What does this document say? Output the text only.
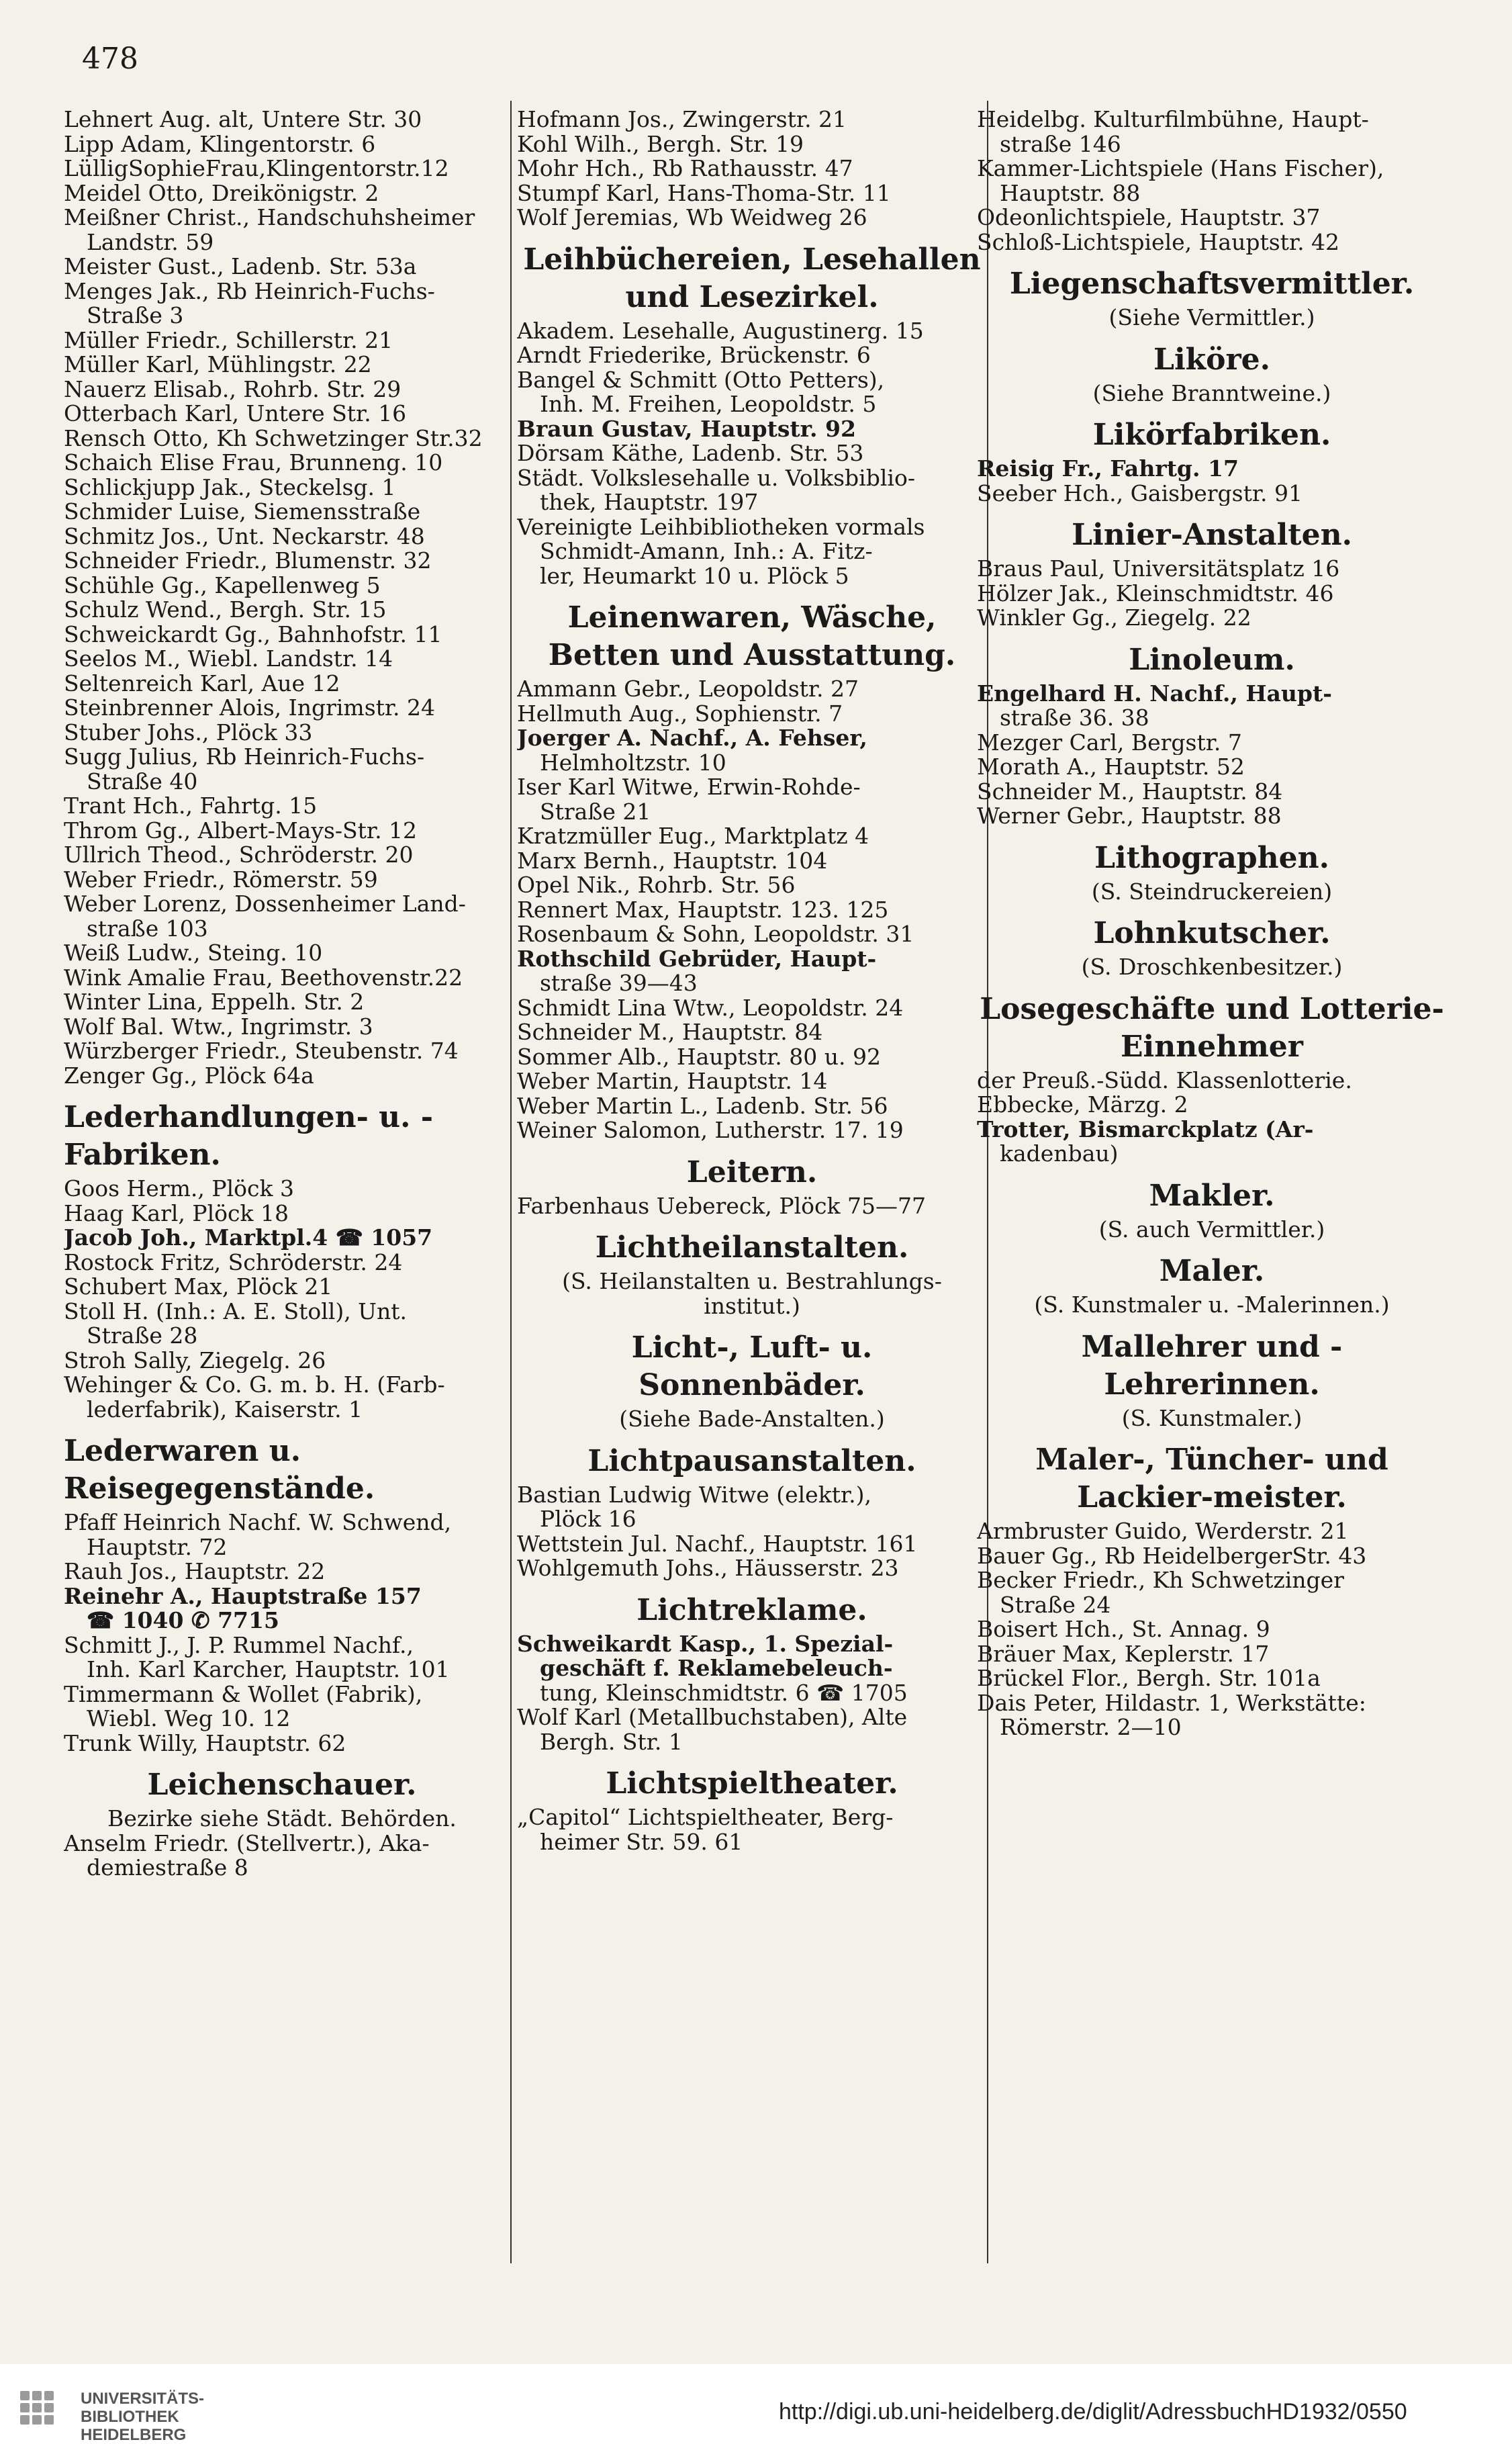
478
Lehnert Aug. alt, Untere Str. 30
Lipp Adam, Klingentorstr. 6
LülligSophieFrau,Klingentorstr.12
Meidel Otto, Dreikönigstr. 2
Meißner Christ., Handschuhsheimer
Landstr. 59
Meister Gust., Ladenb. Str. 53a
Menges Jak., Rb Heinrich-Fuchs-
Straße 3
Müller Friedr., Schillerstr. 21
Müller Karl, Mühlingstr. 22
Nauerz Elisab., Rohrb. Str. 29
Otterbach Karl, Untere Str. 16
Rensch Otto, Kh Schwetzinger Str.32
Schaich Elise Frau, Brunneng. 10
Schlickjupp Jak., Steckelsg. 1
Schmider Luise, Siemensstraße
Schmitz Jos., Unt. Neckarstr. 48
Schneider Friedr., Blumenstr. 32
Schühle Gg., Kapellenweg 5
Schulz Wend., Bergh. Str. 15
Schweickardt Gg., Bahnhofstr. 11
Seelos M., Wiebl. Landstr. 14
Seltenreich Karl, Aue 12
Steinbrenner Alois, Ingrimstr. 24
Stuber Johs., Plöck 33
Sugg Julius, Rb Heinrich-Fuchs-
Straße 40
Trant Hch., Fahrtg. 15
Throm Gg., Albert-Mays-Str. 12
Ullrich Theod., Schröderstr. 20
Weber Friedr., Römerstr. 59
Weber Lorenz, Dossenheimer Land-
straße 103
Weiß Ludw., Steing. 10
Wink Amalie Frau, Beethovenstr.22
Winter Lina, Eppelh. Str. 2
Wolf Bal. Wtw., Ingrimstr. 3
Würzberger Friedr., Steubenstr. 74
Zenger Gg., Plöck 64a
Lederhandlungen- u. -Fabriken.
Goos Herm., Plöck 3
Haag Karl, Plöck 18
Jacob Joh., Marktpl.4 ☎ 1057
Rostock Fritz, Schröderstr. 24
Schubert Max, Plöck 21
Stoll H. (Inh.: A. E. Stoll), Unt.
Straße 28
Stroh Sally, Ziegelg. 26
Wehinger & Co. G. m. b. H. (Farb-
lederfabrik), Kaiserstr. 1
Lederwaren u. Reisegegenstände.
Pfaff Heinrich Nachf. W. Schwend,
Hauptstr. 72
Rauh Jos., Hauptstr. 22
Reinehr A., Hauptstraße 157
☎ 1040 ✆ 7715
Schmitt J., J. P. Rummel Nachf.,
Inh. Karl Karcher, Hauptstr. 101
Timmermann & Wollet (Fabrik),
Wiebl. Weg 10. 12
Trunk Willy, Hauptstr. 62
Leichenschauer.
Bezirke siehe Städt. Behörden.
Anselm Friedr. (Stellvertr.), Aka-
demiestraße 8
Hofmann Jos., Zwingerstr. 21
Kohl Wilh., Bergh. Str. 19
Mohr Hch., Rb Rathausstr. 47
Stumpf Karl, Hans-Thoma-Str. 11
Wolf Jeremias, Wb Weidweg 26
Leihbüchereien, Lesehallen und Lesezirkel.
Akadem. Lesehalle, Augustinerg. 15
Arndt Friederike, Brückenstr. 6
Bangel & Schmitt (Otto Petters),
Inh. M. Freihen, Leopoldstr. 5
Braun Gustav, Hauptstr. 92
Dörsam Käthe, Ladenb. Str. 53
Städt. Volkslesehalle u. Volksbiblio-
thek, Hauptstr. 197
Vereinigte Leihbibliotheken vormals
Schmidt-Amann, Inh.: A. Fitz-
ler, Heumarkt 10 u. Plöck 5
Leinenwaren, Wäsche, Betten und Ausstattung.
Ammann Gebr., Leopoldstr. 27
Hellmuth Aug., Sophienstr. 7
Joerger A. Nachf., A. Fehser,
Helmholtzstr. 10
Iser Karl Witwe, Erwin-Rohde-
Straße 21
Kratzmüller Eug., Marktplatz 4
Marx Bernh., Hauptstr. 104
Opel Nik., Rohrb. Str. 56
Rennert Max, Hauptstr. 123. 125
Rosenbaum & Sohn, Leopoldstr. 31
Rothschild Gebrüder, Haupt-
straße 39—43
Schmidt Lina Wtw., Leopoldstr. 24
Schneider M., Hauptstr. 84
Sommer Alb., Hauptstr. 80 u. 92
Weber Martin, Hauptstr. 14
Weber Martin L., Ladenb. Str. 56
Weiner Salomon, Lutherstr. 17. 19
Leitern.
Farbenhaus Uebereck, Plöck 75—77
Lichtheilanstalten.
(S. Heilanstalten u. Bestrahlungs-
institut.)
Licht-, Luft- u. Sonnenbäder.
(Siehe Bade-Anstalten.)
Lichtpausanstalten.
Bastian Ludwig Witwe (elektr.),
Plöck 16
Wettstein Jul. Nachf., Hauptstr. 161
Wohlgemuth Johs., Häusserstr. 23
Lichtreklame.
Schweikardt Kasp., 1. Spezial-
geschäft f. Reklamebeleuch-
tung, Kleinschmidtstr. 6 ☎ 1705
Wolf Karl (Metallbuchstaben), Alte
Bergh. Str. 1
Lichtspieltheater.
„Capitol“ Lichtspieltheater, Berg-
heimer Str. 59. 61
Heidelbg. Kulturfilmbühne, Haupt-
straße 146
Kammer-Lichtspiele (Hans Fischer),
Hauptstr. 88
Odeonlichtspiele, Hauptstr. 37
Schloß-Lichtspiele, Hauptstr. 42
Liegenschaftsvermittler.
(Siehe Vermittler.)
Liköre.
(Siehe Branntweine.)
Likörfabriken.
Reisig Fr., Fahrtg. 17
Seeber Hch., Gaisbergstr. 91
Linier-Anstalten.
Braus Paul, Universitätsplatz 16
Hölzer Jak., Kleinschmidtstr. 46
Winkler Gg., Ziegelg. 22
Linoleum.
Engelhard H. Nachf., Haupt-
straße 36. 38
Mezger Carl, Bergstr. 7
Morath A., Hauptstr. 52
Schneider M., Hauptstr. 84
Werner Gebr., Hauptstr. 88
Lithographen.
(S. Steindruckereien)
Lohnkutscher.
(S. Droschkenbesitzer.)
Losegeschäfte und Lotterie-Einnehmer
der Preuß.-Südd. Klassenlotterie.
Ebbecke, Märzg. 2
Trotter, Bismarckplatz (Ar-
kadenbau)
Makler.
(S. auch Vermittler.)
Maler.
(S. Kunstmaler u. -Malerinnen.)
Mallehrer und -Lehrerinnen.
(S. Kunstmaler.)
Maler-, Tüncher- und Lackier-meister.
Armbruster Guido, Werderstr. 21
Bauer Gg., Rb HeidelbergerStr. 43
Becker Friedr., Kh Schwetzinger
Straße 24
Boisert Hch., St. Annag. 9
Bräuer Max, Keplerstr. 17
Brückel Flor., Bergh. Str. 101a
Dais Peter, Hildastr. 1, Werkstätte:
Römerstr. 2—10
UNIVERSITÄTS-
BIBLIOTHEK
HEIDELBERG
http://digi.ub.uni-heidelberg.de/diglit/AdressbuchHD1932/0550
